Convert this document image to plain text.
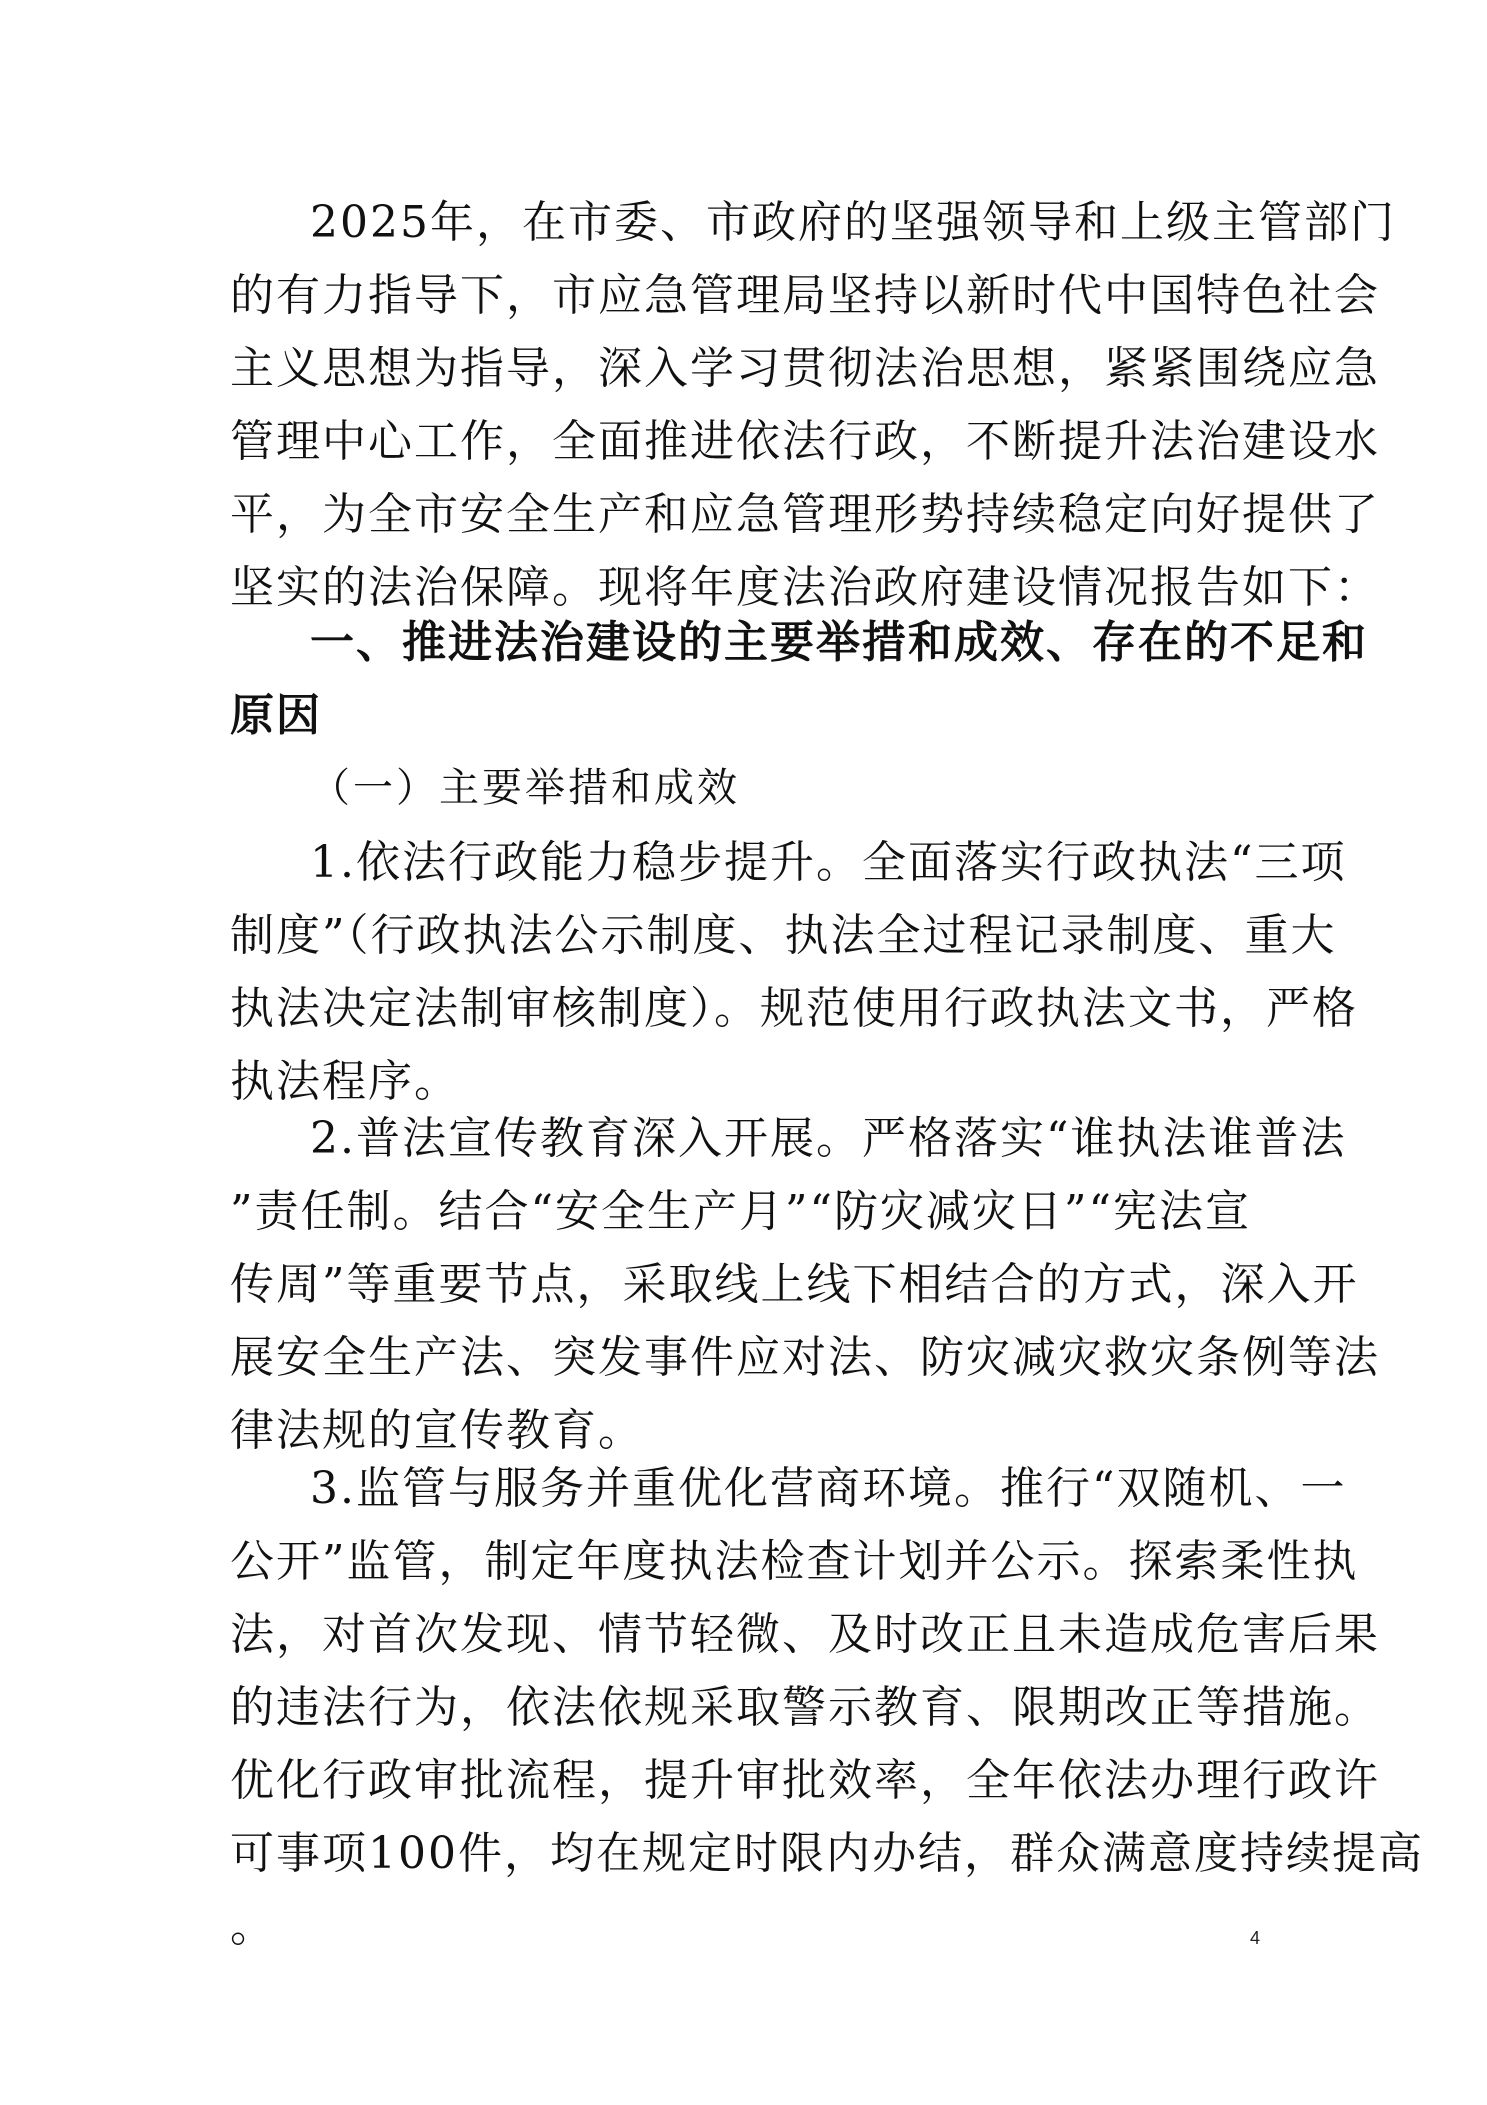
2025年，在市委、市政府的坚强领导和上级主管部门
的有力指导下，市应急管理局坚持以新时代中国特色社会
主义思想为指导，深入学习贯彻法治思想，紧紧围绕应急
管理中心工作，全面推进依法行政，不断提升法治建设水
平，为全市安全生产和应急管理形势持续稳定向好提供了
坚实的法治保障。现将年度法治政府建设情况报告如下：
一、推进法治建设的主要举措和成效、存在的不足和
原因
（一）主要举措和成效
1.依法行政能力稳步提升。全面落实行政执法“三项
制度”（行政执法公示制度、执法全过程记录制度、重大
执法决定法制审核制度）。规范使用行政执法文书，严格
执法程序。
2.普法宣传教育深入开展。严格落实“谁执法谁普法
”责任制。结合“安全生产月”“防灾减灾日”“宪法宣
传周”等重要节点，采取线上线下相结合的方式，深入开
展安全生产法、突发事件应对法、防灾减灾救灾条例等法
律法规的宣传教育。
3.监管与服务并重优化营商环境。推行“双随机、一
公开”监管，制定年度执法检查计划并公示。探索柔性执
法，对首次发现、情节轻微、及时改正且未造成危害后果
的违法行为，依法依规采取警示教育、限期改正等措施。
优化行政审批流程，提升审批效率，全年依法办理行政许
可事项100件，均在规定时限内办结，群众满意度持续提高
。	4
